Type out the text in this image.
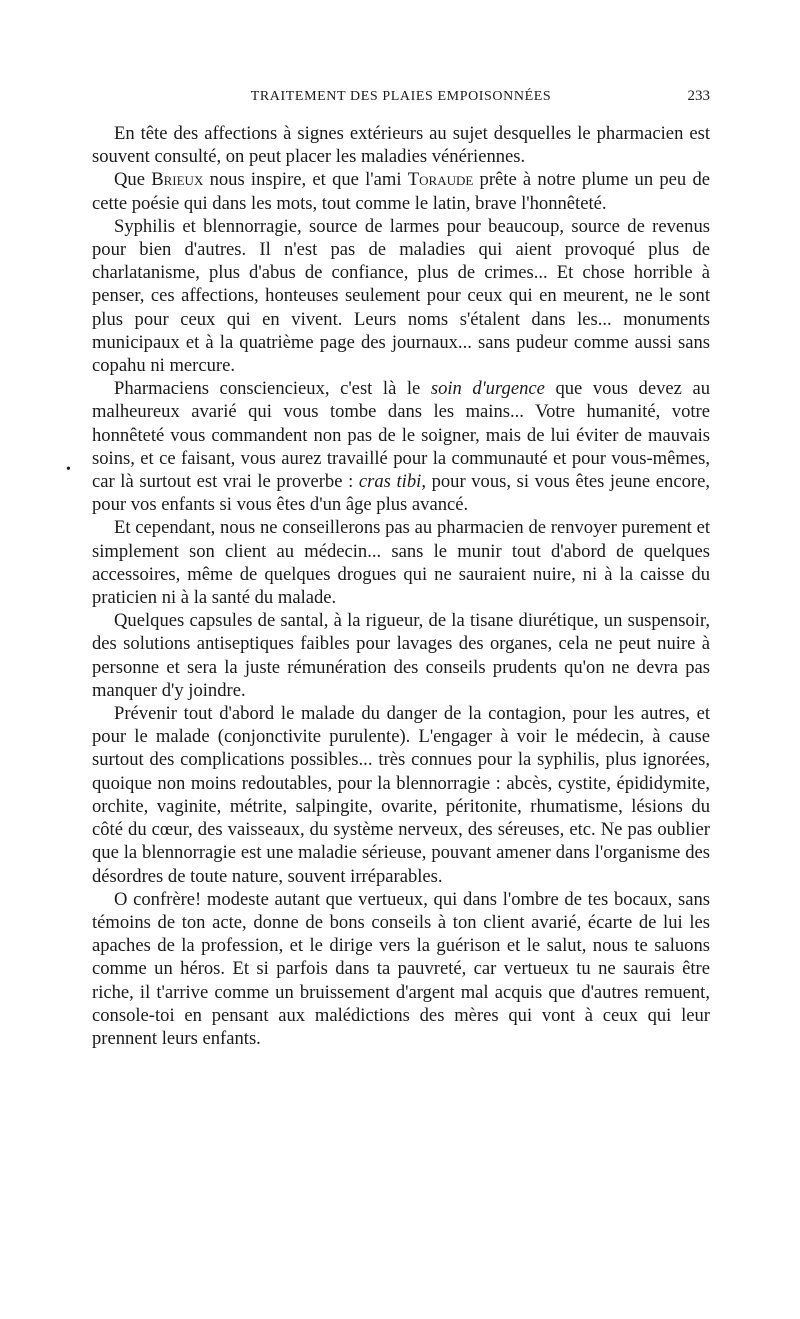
TRAITEMENT DES PLAIES EMPOISONNÉES	233
•

En tête des affections à signes extérieurs au sujet desquelles le pharmacien est souvent consulté, on peut placer les maladies vénériennes.

Que Brieux nous inspire, et que l'ami Toraude prête à notre plume un peu de cette poésie qui dans les mots, tout comme le latin, brave l'honnêteté.

Syphilis et blennorragie, source de larmes pour beaucoup, source de revenus pour bien d'autres. Il n'est pas de maladies qui aient provoqué plus de charlatanisme, plus d'abus de confiance, plus de crimes... Et chose horrible à penser, ces affections, honteuses seulement pour ceux qui en meurent, ne le sont plus pour ceux qui en vivent. Leurs noms s'étalent dans les... monuments municipaux et à la quatrième page des journaux... sans pudeur comme aussi sans copahu ni mercure.

Pharmaciens consciencieux, c'est là le soin d'urgence que vous devez au malheureux avarié qui vous tombe dans les mains... Votre humanité, votre honnêteté vous commandent non pas de le soigner, mais de lui éviter de mauvais soins, et ce faisant, vous aurez travaillé pour la communauté et pour vous-mêmes, car là surtout est vrai le proverbe : cras tibi, pour vous, si vous êtes jeune encore, pour vos enfants si vous êtes d'un âge plus avancé.

Et cependant, nous ne conseillerons pas au pharmacien de renvoyer purement et simplement son client au médecin... sans le munir tout d'abord de quelques accessoires, même de quelques drogues qui ne sauraient nuire, ni à la caisse du praticien ni à la santé du malade.

Quelques capsules de santal, à la rigueur, de la tisane diurétique, un suspensoir, des solutions antiseptiques faibles pour lavages des organes, cela ne peut nuire à personne et sera la juste rémunération des conseils prudents qu'on ne devra pas manquer d'y joindre.

Prévenir tout d'abord le malade du danger de la contagion, pour les autres, et pour le malade (conjonctivite purulente). L'engager à voir le médecin, à cause surtout des complications possibles... très connues pour la syphilis, plus ignorées, quoique non moins redoutables, pour la blennorragie : abcès, cystite, épididymite, orchite, vaginite, métrite, salpingite, ovarite, péritonite, rhumatisme, lésions du côté du cœur, des vaisseaux, du système nerveux, des séreuses, etc. Ne pas oublier que la blennorragie est une maladie sérieuse, pouvant amener dans l'organisme des désordres de toute nature, souvent irréparables.

O confrère! modeste autant que vertueux, qui dans l'ombre de tes bocaux, sans témoins de ton acte, donne de bons conseils à ton client avarié, écarte de lui les apaches de la profession, et le dirige vers la guérison et le salut, nous te saluons comme un héros. Et si parfois dans ta pauvreté, car vertueux tu ne saurais être riche, il t'arrive comme un bruissement d'argent mal acquis que d'autres remuent, console-toi en pensant aux malédictions des mères qui vont à ceux qui leur prennent leurs enfants.
